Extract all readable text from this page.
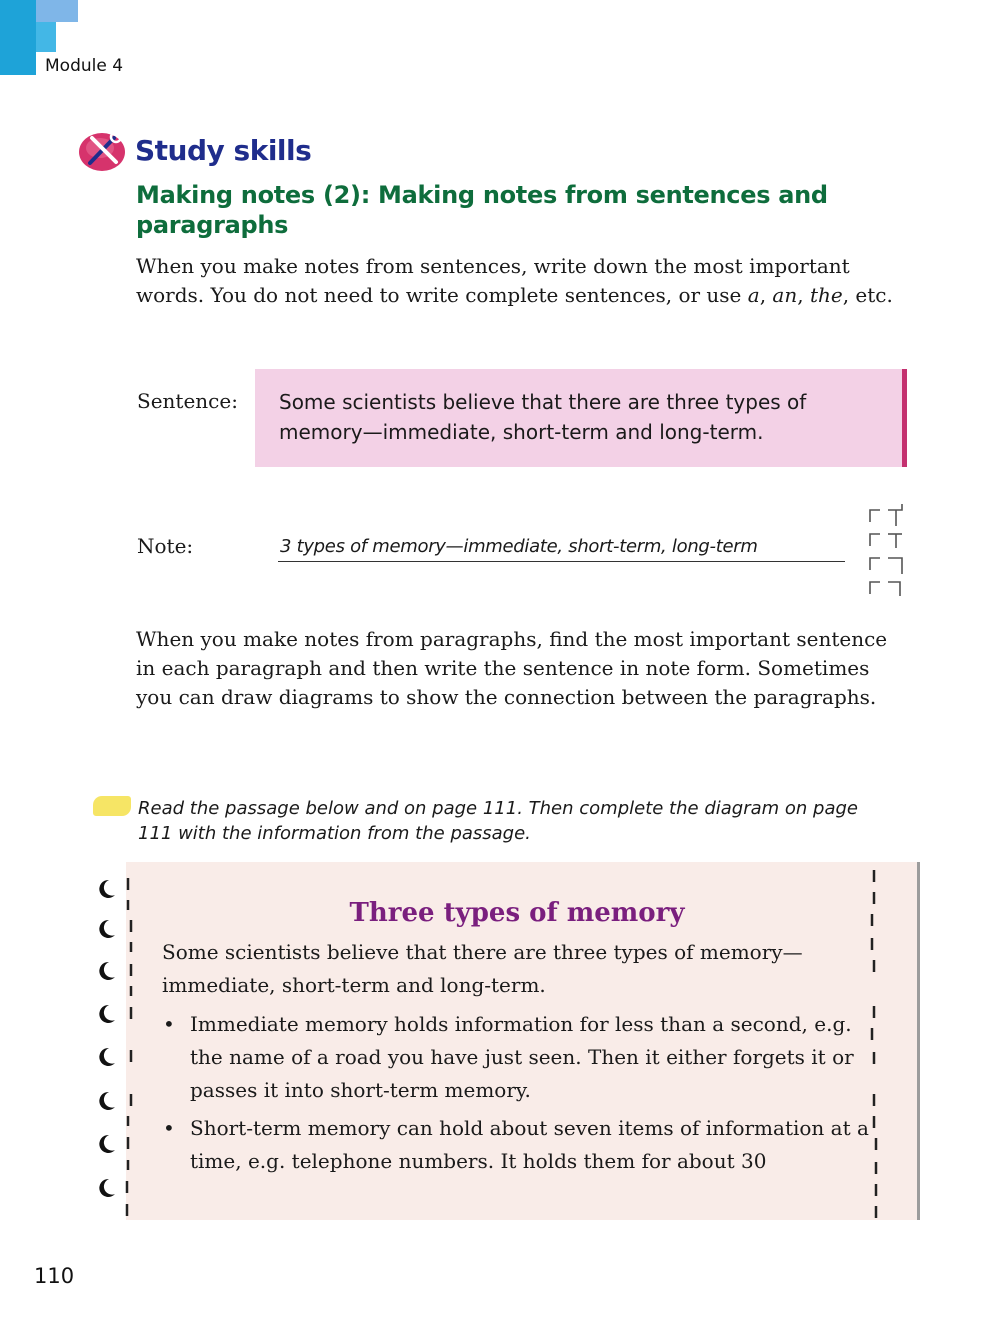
Module 4
Study skills
Making notes (2): Making notes from sentences and paragraphs
When you make notes from sentences, write down the most important words. You do not need to write complete sentences, or use a, an, the, etc.
Sentence: Some scientists believe that there are three types of memory—immediate, short-term and long-term.
Note:	3 types of memory—immediate, short-term, long-term
When you make notes from paragraphs, find the most important sentence in each paragraph and then write the sentence in note form. Sometimes you can draw diagrams to show the connection between the paragraphs.
Read the passage below and on page 111. Then complete the diagram on page 111 with the information from the passage.
Three types of memory
Some scientists believe that there are three types of memory— immediate, short-term and long-term.
• Immediate memory holds information for less than a second, e.g. the name of a road you have just seen. Then it either forgets it or passes it into short-term memory.
• Short-term memory can hold about seven items of information at a time, e.g. telephone numbers. It holds them for about 30
110
